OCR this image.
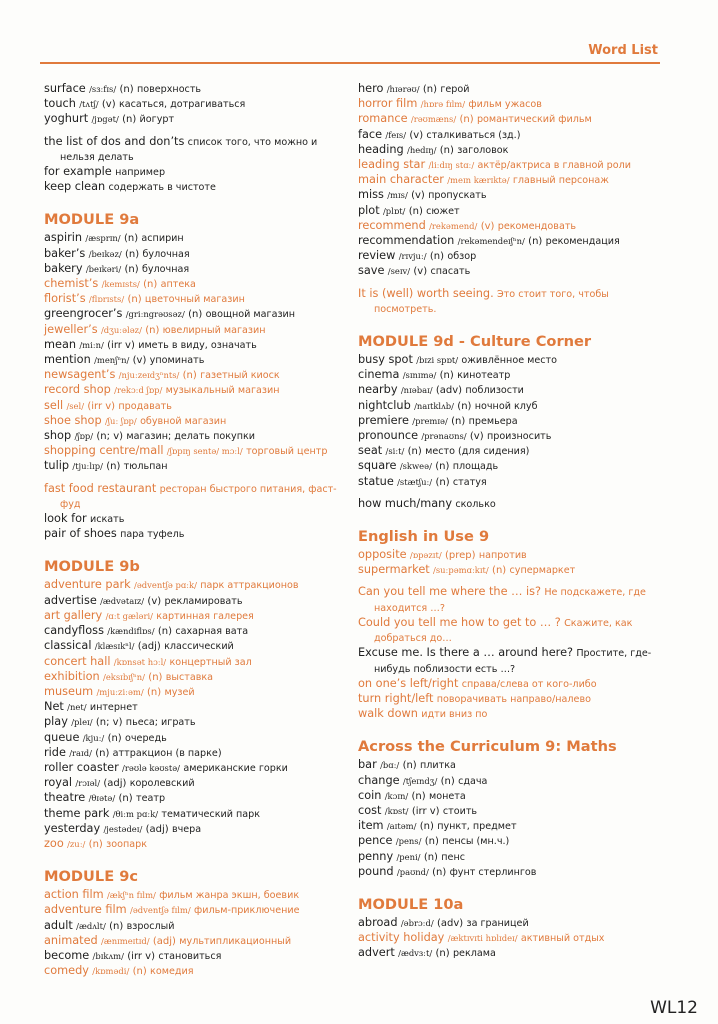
Word List
surface /sɜːfɪs/ (n) поверхность
touch /tʌtʃ/ (v) касаться, дотрагиваться
yoghurt /jɒgət/ (n) йогурт
the list of dos and don’ts список того, что можно и нельзя делать
for example например
keep clean содержать в чистоте
MODULE 9a
aspirin /æsprɪn/ (n) аспирин
baker’s /beɪkəz/ (n) булочная
bakery /beɪkəri/ (n) булочная
chemist’s /kemɪsts/ (n) аптека
florist’s /flɒrɪsts/ (n) цветочный магазин
greengrocer’s /griːngrəʊsəz/ (n) овощной магазин
jeweller’s /dʒuːələz/ (n) ювелирный магазин
mean /miːn/ (irr v) иметь в виду, означать
mention /menʃⁿn/ (v) упоминать
newsagent’s /njuːzeɪdʒⁿnts/ (n) газетный киоск
record shop /rekɔːd ʃɒp/ музыкальный магазин
sell /sel/ (irr v) продавать
shoe shop /ʃuː ʃɒp/ обувной магазин
shop /ʃɒp/ (n; v) магазин; делать покупки
shopping centre/mall /ʃɒpɪŋ sentə/ mɔːl/ торговый центр
tulip /tjuːlɪp/ (n) тюльпан
fast food restaurant ресторан быстрого питания, фаст-фуд
look for искать
pair of shoes пара туфель
MODULE 9b
adventure park /ədventʃə pɑːk/ парк аттракционов
advertise /ædvətaɪz/ (v) рекламировать
art gallery /ɑːt gæləri/ картинная галерея
candyfloss /kændiflɒs/ (n) сахарная вата
classical /klæsɪkⁿl/ (adj) классический
concert hall /kɒnsət hɔːl/ концертный зал
exhibition /eksɪbɪʃⁿn/ (n) выставка
museum /mjuːziːəm/ (n) музей
Net /net/ интернет
play /pleɪ/ (n; v) пьеса; играть
queue /kjuː/ (n) очередь
ride /raɪd/ (n) аттракцион (в парке)
roller coaster /rəʊlə kəʊstə/ американские горки
royal /rɔɪəl/ (adj) королевский
theatre /θɪətə/ (n) театр
theme park /θiːm pɑːk/ тематический парк
yesterday /jestədeɪ/ (adj) вчера
zoo /zuː/ (n) зоопарк
MODULE 9c
action film /ækʃⁿn fɪlm/ фильм жанра экшн, боевик
adventure film /ədventʃə fɪlm/ фильм-приключение
adult /ædʌlt/ (n) взрослый
animated /ænɪmeɪtɪd/ (adj) мультипликационный
become /bɪkʌm/ (irr v) становиться
comedy /kɒmədi/ (n) комедия
hero /hɪərəʊ/ (n) герой
horror film /hɒrə fɪlm/ фильм ужасов
romance /rəʊmæns/ (n) романтический фильм
face /feɪs/ (v) сталкиваться (зд.)
heading /hedɪŋ/ (n) заголовок
leading star /liːdɪŋ stɑː/ актёр/актриса в главной роли
main character /meɪn kærɪktə/ главный персонаж
miss /mɪs/ (v) пропускать
plot /plɒt/ (n) сюжет
recommend /rekəmend/ (v) рекомендовать
recommendation /rekəmendeɪʃⁿn/ (n) рекомендация
review /rɪvjuː/ (n) обзор
save /seɪv/ (v) спасать
It is (well) worth seeing. Это стоит того, чтобы посмотреть.
MODULE 9d - Culture Corner
busy spot /bɪzi spɒt/ оживлённое место
cinema /sɪnɪmə/ (n) кинотеатр
nearby /nɪəbaɪ/ (adv) поблизости
nightclub /naɪtklʌb/ (n) ночной клуб
premiere /premɪə/ (n) премьера
pronounce /prənaʊns/ (v) произносить
seat /siːt/ (n) место (для сидения)
square /skweə/ (n) площадь
statue /stætʃuː/ (n) статуя
how much/many сколько
English in Use 9
opposite /ɒpəzɪt/ (prep) напротив
supermarket /suːpəmɑːkɪt/ (n) супермаркет
Can you tell me where the … is? Не подскажете, где находится …?
Could you tell me how to get to … ? Скажите, как добраться до…
Excuse me. Is there a … around here? Простите, где-нибудь поблизости есть …?
on one’s left/right справа/слева от кого-либо
turn right/left поворачивать направо/налево
walk down идти вниз по
Across the Curriculum 9: Maths
bar /bɑː/ (n) плитка
change /tʃeɪndʒ/ (n) сдача
coin /kɔɪn/ (n) монета
cost /kɒst/ (irr v) стоить
item /aɪtəm/ (n) пункт, предмет
pence /pens/ (n) пенсы (мн.ч.)
penny /peni/ (n) пенс
pound /paʊnd/ (n) фунт стерлингов
MODULE 10a
abroad /əbrɔːd/ (adv) за границей
activity holiday /æktɪvɪti hɒlɪdeɪ/ активный отдых
advert /ædvɜːt/ (n) реклама
WL12
